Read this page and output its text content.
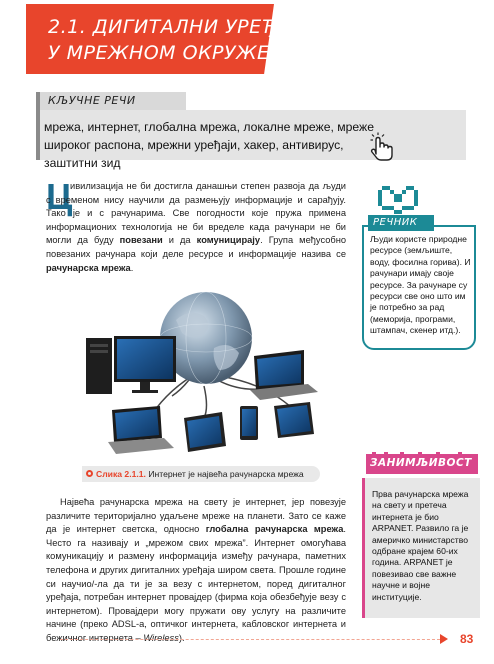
2.1. ДИГИТАЛНИ УРЕЂАЈИ
У МРЕЖНОМ ОКРУЖЕЊУ
КЉУЧНЕ РЕЧИ
мрежа, интернет, глобална мрежа, локалне мреже, мреже широког распона, мрежни уређаји, хакер, антивирус, заштитни зид
Ц
ивилизација не би достигла данашњи степен развоја да људи с временом нису научили да размењују информације и сарађују. Тако је и с рачунарима. Све погодности које пружа примена информационих технологија не би вределе када рачунари не би могли да буду повезани и да комуницирају. Група међусобно повезаних рачунара који деле ресурсе и информације назива се рачунарска мрежа.
Слика 2.1.1. Интернет је највећа рачунарска мрежа
Највећа рачунарска мрежа на свету је интернет, јер повезује различите територијално удаљене мреже на планети. Зато се каже да је интернет светска, односно глобална рачунарска мрежа. Често га називају и „мрежом свих мрежа”. Интернет омогућава комуникацију и размену информација између рачунара, паметних телефона и других дигиталних уређаја широм света. Прошле године си научио/-ла да ти је за везу с интернетом, поред дигиталног уређаја, потребан интернет провајдер (фирма која обезбеђује везу с интернетом). Провајдери могу пружати ову услугу на различите начине (преко ADSL-а, оптичког интернета, кабловског интернета и бежичног интернета – Wireless).
РЕЧНИК
Људи користе природне ресурсе (земљиште, воду, фосилна горива). И рачунари имају своје ресурсе. За рачунаре су ресурси све оно што им је потребно за рад (меморија, програми, штампач, скенер итд.).
ЗАНИМЉИВОСТ
Прва рачунарска мрежа на свету и претеча интернета је био ARPANET. Развило га је америчко министарство одбране крајем 60-их година. ARPANET је повезивао све важне научне и војне институције.
83
